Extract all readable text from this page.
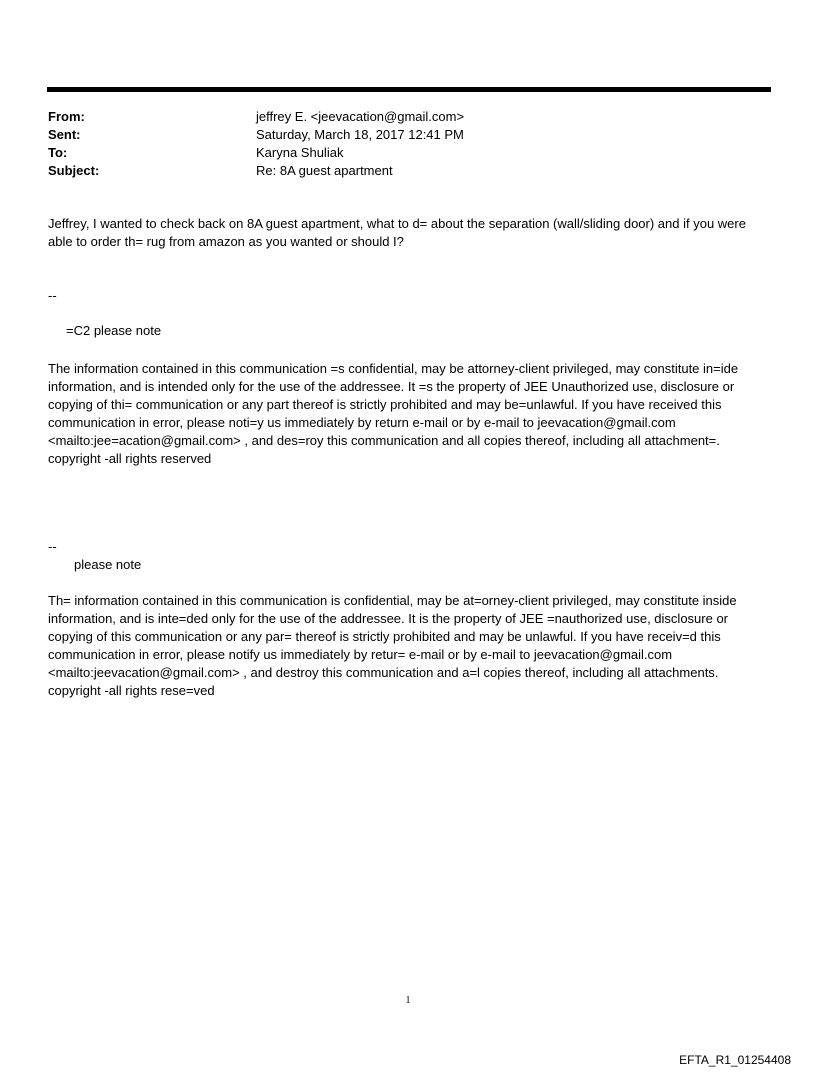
From:	jeffrey E. <jeevacation@gmail.com>
Sent:	Saturday, March 18, 2017 12:41 PM
To:	Karyna Shuliak
Subject:	Re: 8A guest apartment
Jeffrey, I wanted to check back on 8A guest apartment, what to d= about the separation (wall/sliding door) and if you were able to order th= rug from amazon as you wanted or should I?
--
=C2 please note
The information contained in this communication =s confidential, may be attorney-client privileged, may constitute in=ide information, and is intended only for the use of the addressee. It =s the property of JEE Unauthorized use, disclosure or copying of thi= communication or any part thereof is strictly prohibited and may be=unlawful. If you have received this communication in error, please noti=y us immediately by return e-mail or by e-mail to jeevacation@gmail.com <mailto:jee=acation@gmail.com> , and des=roy this communication and all copies thereof, including all attachment=. copyright -all rights reserved
--
please note
Th= information contained in this communication is confidential, may be at=orney-client privileged, may constitute inside information, and is inte=ded only for the use of the addressee. It is the property of JEE =nauthorized use, disclosure or copying of this communication or any par= thereof is strictly prohibited and may be unlawful. If you have receiv=d this communication in error, please notify us immediately by retur= e-mail or by e-mail to jeevacation@gmail.com <mailto:jeevacation@gmail.com> , and destroy this communication and a=l copies thereof, including all attachments. copyright -all rights rese=ved
1
EFTA_R1_01254408
